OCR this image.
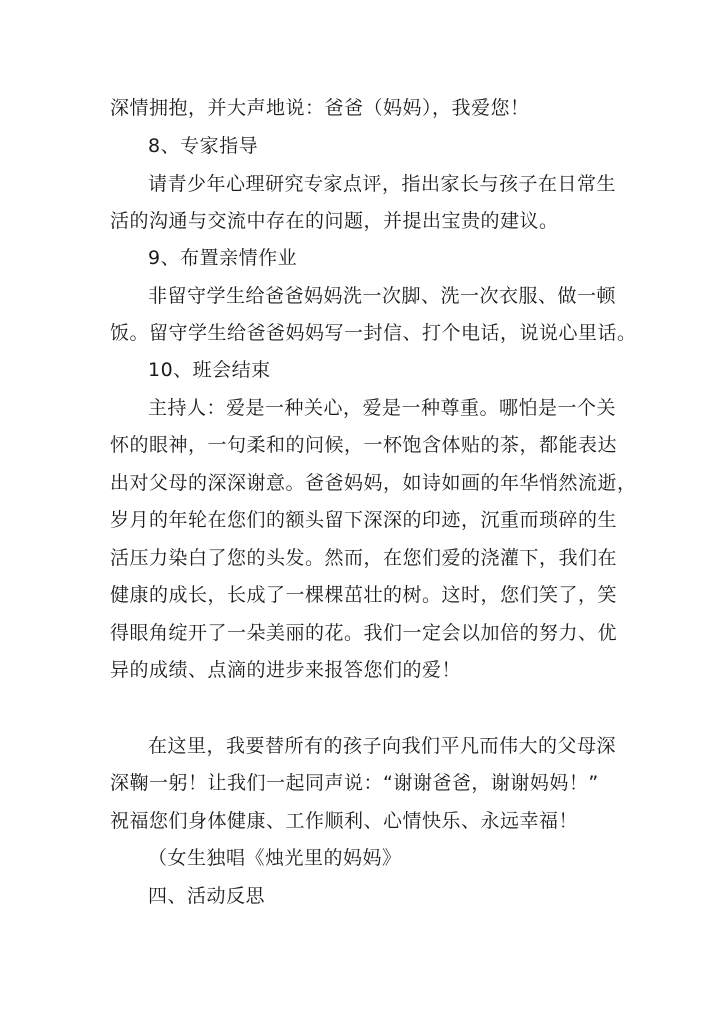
深情拥抱，并大声地说：爸爸（妈妈），我爱您！
8、专家指导
请青少年心理研究专家点评，指出家长与孩子在日常生
活的沟通与交流中存在的问题，并提出宝贵的建议。
9、布置亲情作业
非留守学生给爸爸妈妈洗一次脚、洗一次衣服、做一顿
饭。留守学生给爸爸妈妈写一封信、打个电话，说说心里话。
10、班会结束
主持人：爱是一种关心，爱是一种尊重。哪怕是一个关
怀的眼神，一句柔和的问候，一杯饱含体贴的茶，都能表达
出对父母的深深谢意。爸爸妈妈，如诗如画的年华悄然流逝，
岁月的年轮在您们的额头留下深深的印迹，沉重而琐碎的生
活压力染白了您的头发。然而，在您们爱的浇灌下，我们在
健康的成长，长成了一棵棵茁壮的树。这时，您们笑了，笑
得眼角绽开了一朵美丽的花。我们一定会以加倍的努力、优
异的成绩、点滴的进步来报答您们的爱！
在这里，我要替所有的孩子向我们平凡而伟大的父母深
深鞠一躬！让我们一起同声说：“谢谢爸爸，谢谢妈妈！”
祝福您们身体健康、工作顺利、心情快乐、永远幸福！
（女生独唱《烛光里的妈妈》
四、活动反思
